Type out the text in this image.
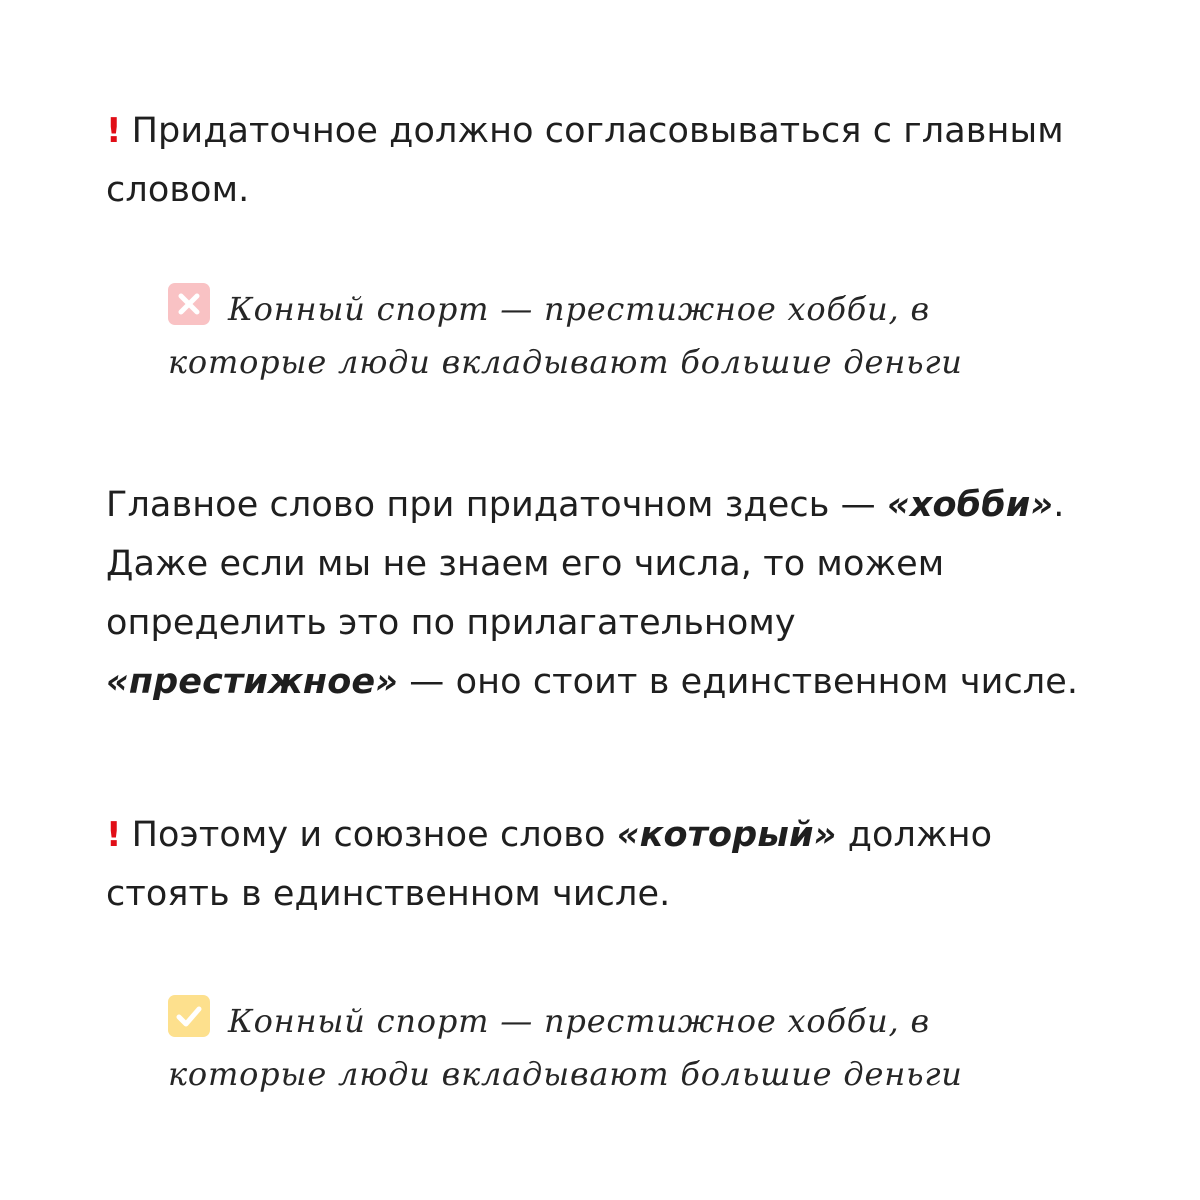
! Придаточное должно согласовываться с главным словом.

Конный спорт — престижное хобби, в которые люди вкладывают большие деньги

Главное слово при придаточном здесь — «хобби». Даже если мы не знаем его числа, то можем определить это по прилагательному «престижное» — оно стоит в единственном числе.

! Поэтому и союзное слово «который» должно стоять в единственном числе.

Конный спорт — престижное хобби, в которые люди вкладывают большие деньги
